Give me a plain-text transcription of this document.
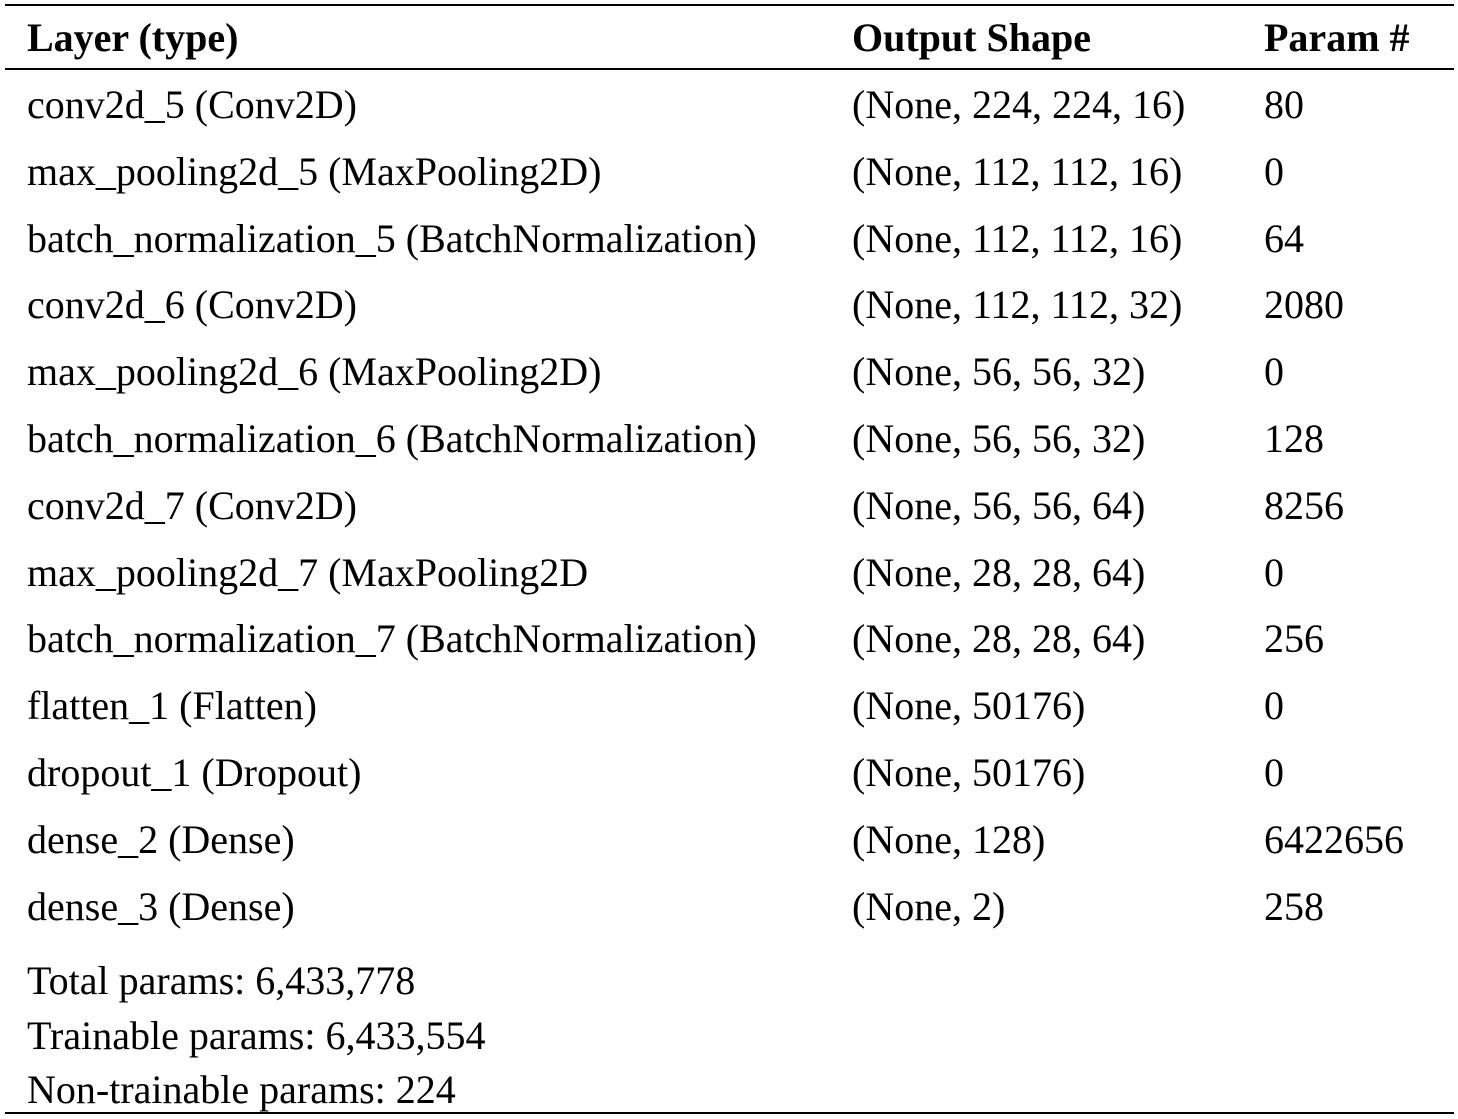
Layer (type)	Output Shape	Param #
conv2d_5 (Conv2D)	(None, 224, 224, 16) 80
max_pooling2d_5 (MaxPooling2D)	(None, 112, 112, 16) 0
batch_normalization_5 (BatchNormalization) (None, 112, 112, 16) 64
conv2d_6 (Conv2D)	(None, 112, 112, 32) 2080
max_pooling2d_6 (MaxPooling2D)	(None, 56, 56, 32)	0
batch_normalization_6 (BatchNormalization) (None, 56, 56, 32)	128
conv2d_7 (Conv2D)	(None, 56, 56, 64)	8256
max_pooling2d_7 (MaxPooling2D	(None, 28, 28, 64)	0
batch_normalization_7 (BatchNormalization) (None, 28, 28, 64)	256
flatten_1 (Flatten)	(None, 50176)	0
dropout_1 (Dropout)	(None, 50176)	0
dense_2 (Dense)	(None, 128)	6422656
dense_3 (Dense)	(None, 2)	258
Total params: 6,433,778
Trainable params: 6,433,554
Non-trainable params: 224
